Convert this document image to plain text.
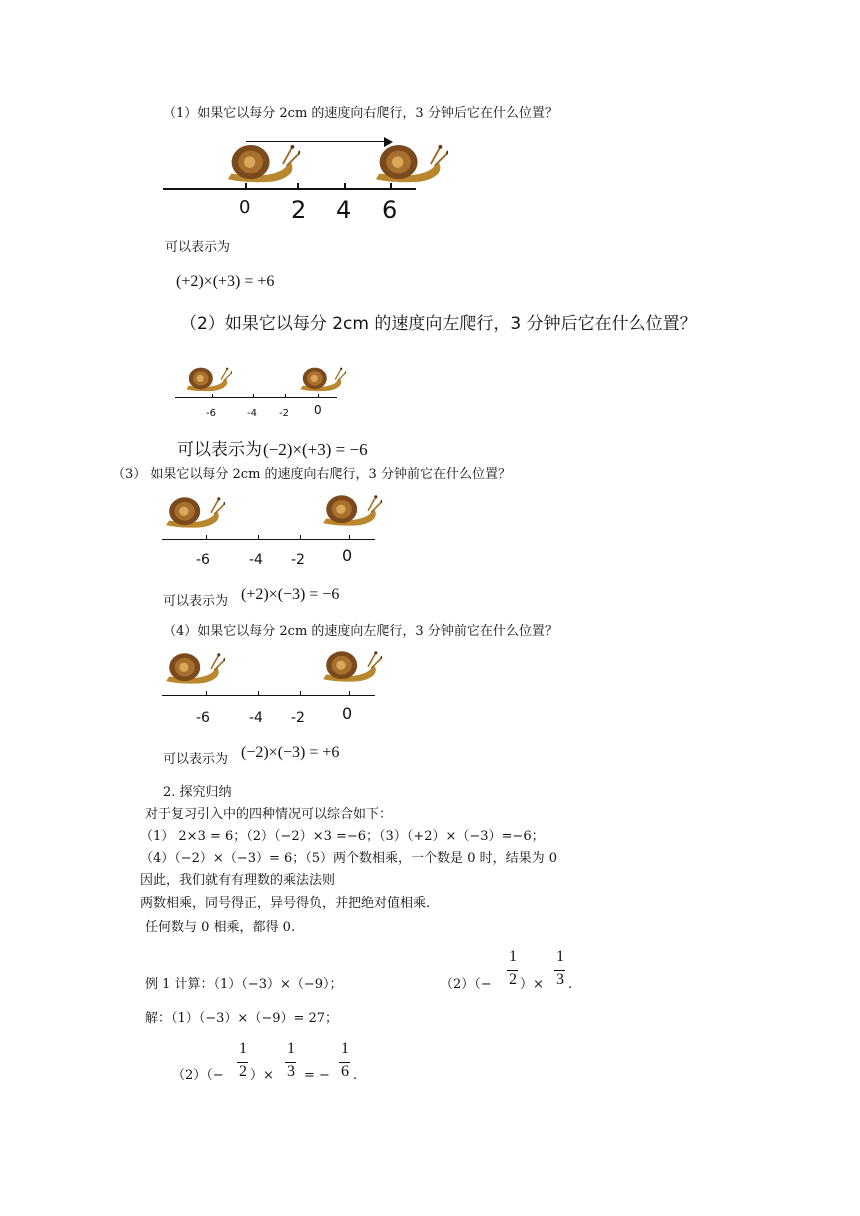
（1）如果它以每分 2cm 的速度向右爬行，3 分钟后它在什么位置？
0 2 4 6
可以表示为
(+2)×(+3) = +6
（2）如果它以每分 2cm 的速度向左爬行，3 分钟后它在什么位置？
-6	-4 -2 0
可以表示为 (−2)×(+3) = −6
（3） 如果它以每分 2cm 的速度向右爬行，3 分钟前它在什么位置？
-6	-4 -2 0
可以表示为 (+2)×(−3) = −6
（4）如果它以每分 2cm 的速度向左爬行，3 分钟前它在什么位置？
-6	-4 -2 0
可以表示为 (−2)×(−3) = +6
2. 探究归纳
对于复习引入中的四种情况可以综合如下：
（1） 2×3 = 6；（2）（−2）×3 =−6；（3）（+2）×（−3）=−6；
（4）（−2）×（−3）= 6；（5）两个数相乘，一个数是 0 时，结果为 0
因此，我们就有有理数的乘法法则
两数相乘，同号得正，异号得负，并把绝对值相乘.
任何数与 0 相乘，都得 0.
例 1 计算：（1）（−3）×（−9）；	（2）（−
1
2 ）×
1
3 .
解：（1）（−3）×（−9）= 27；
（2）（−
1
2 ）×
1
3 = −
1
6 .
